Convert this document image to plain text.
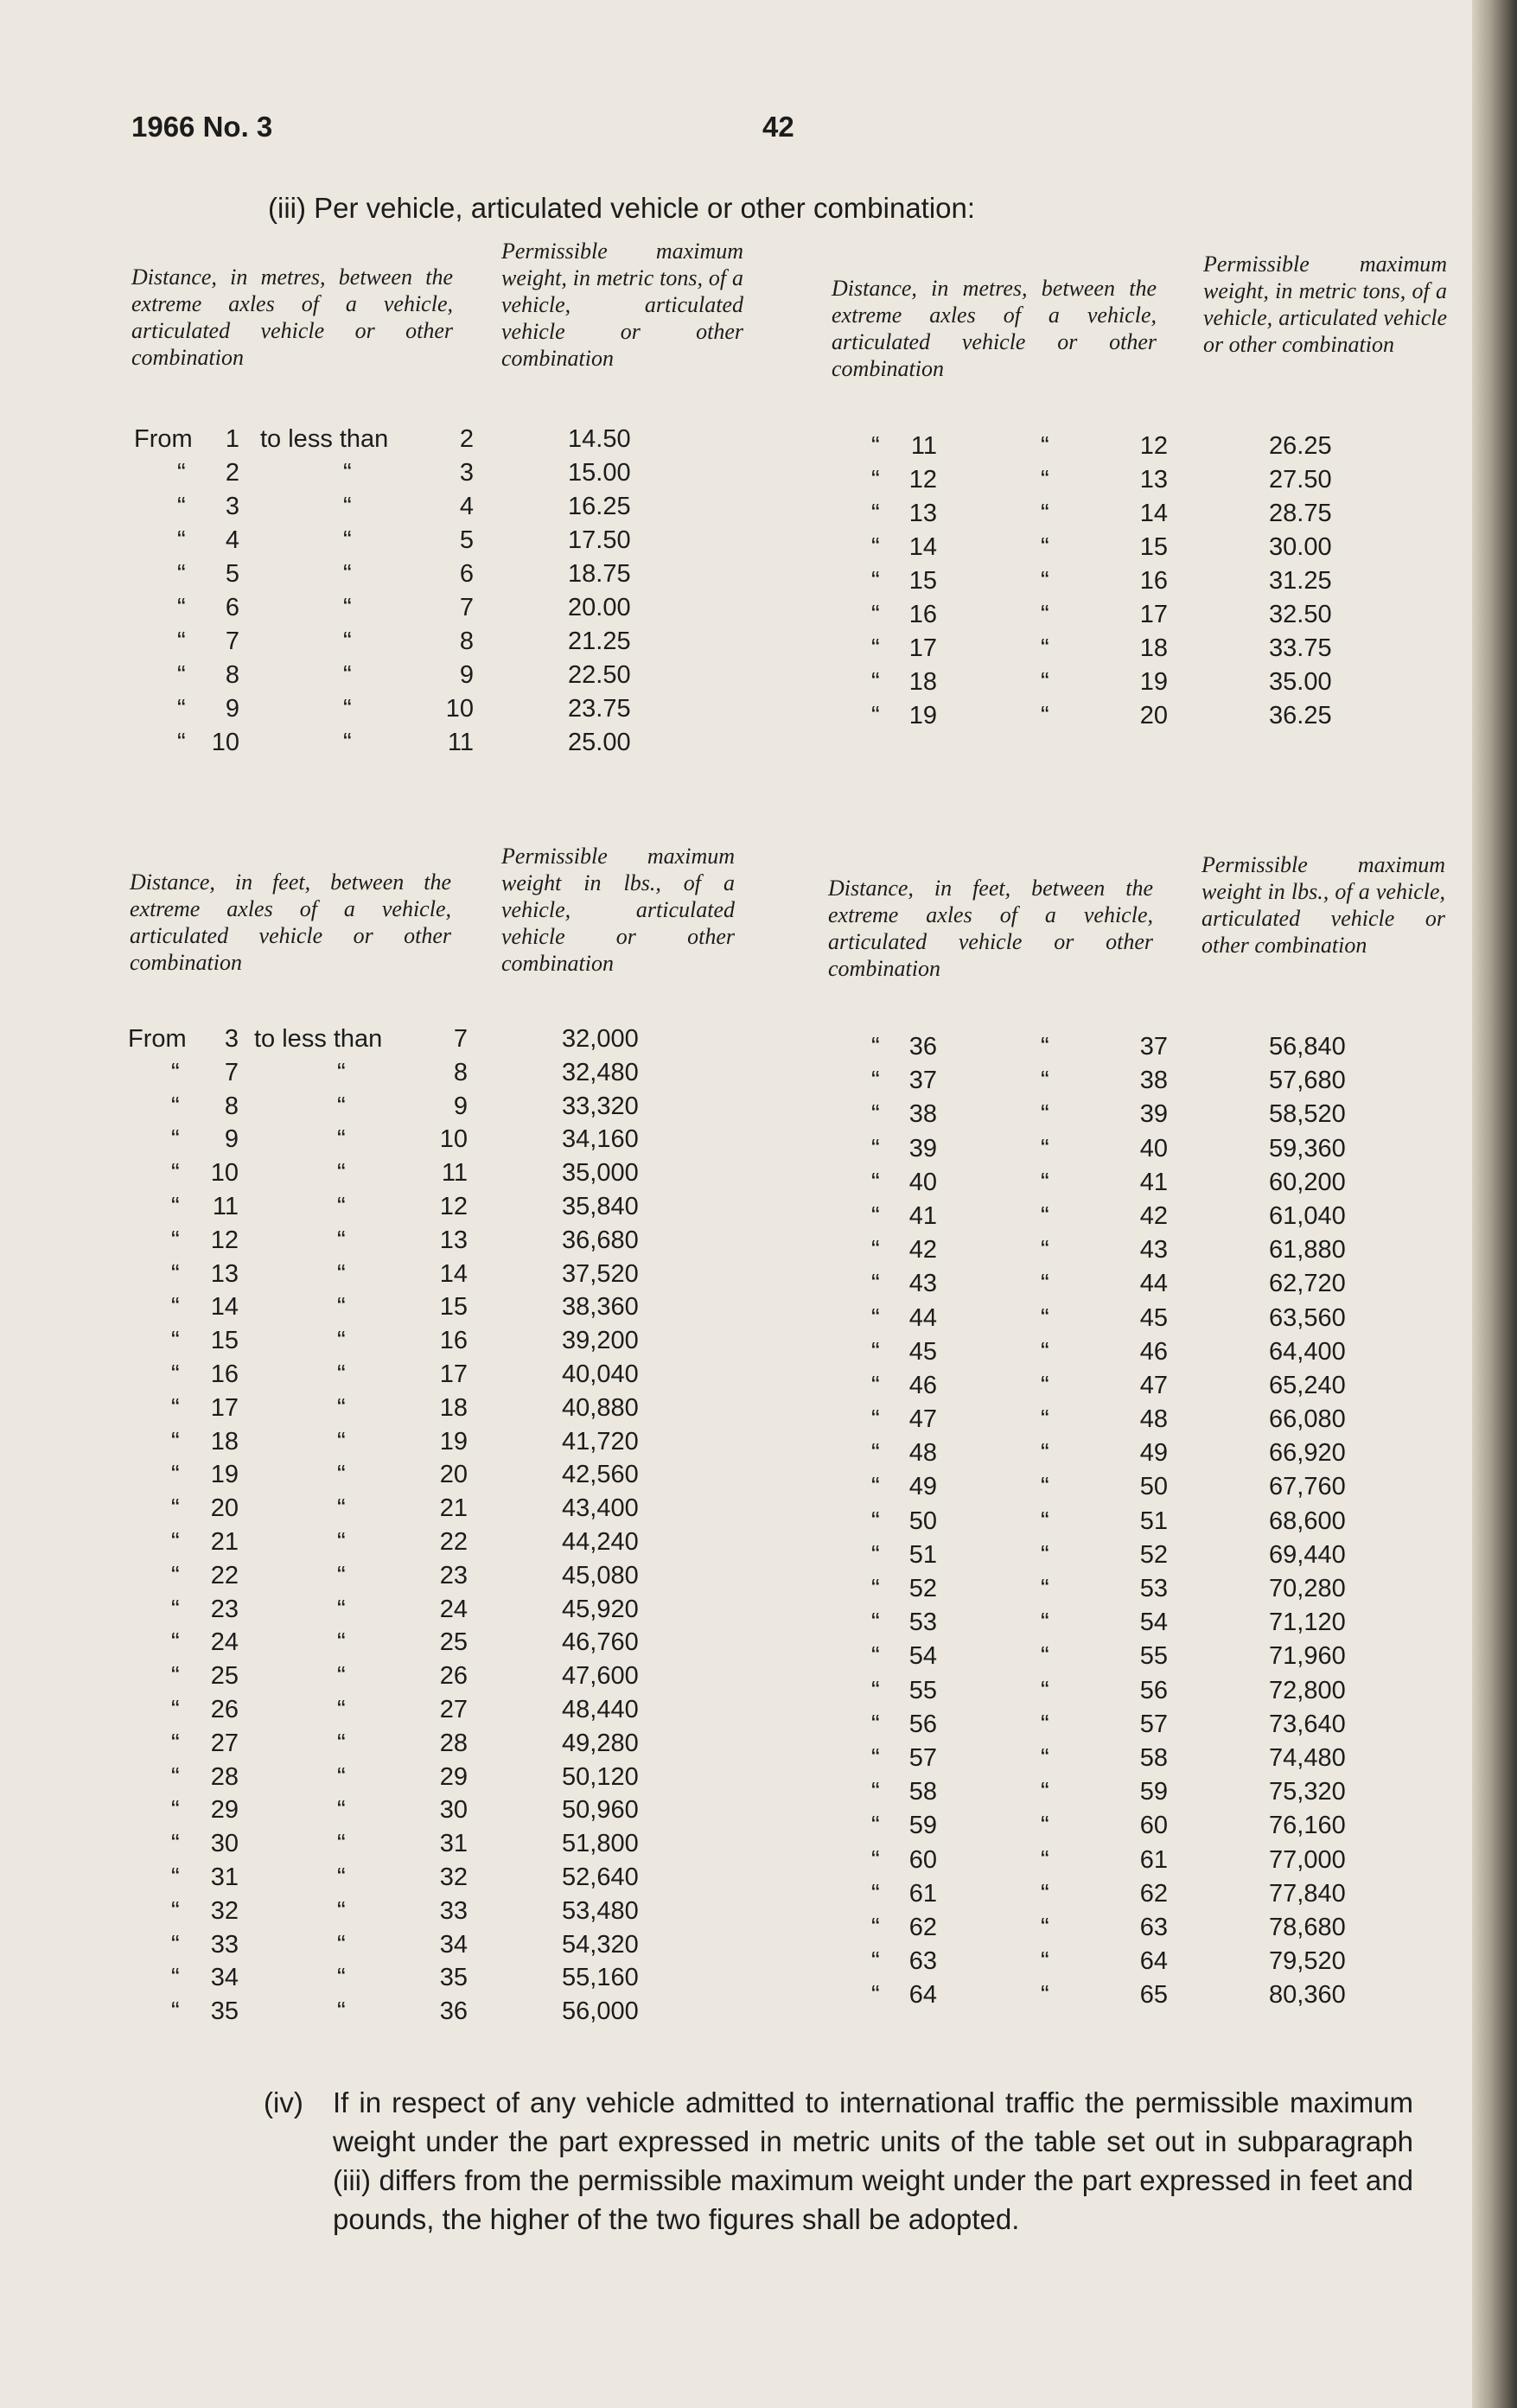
1966 No. 3	42
(iii) Per vehicle, articulated vehicle or other combination:
Distance, in metres, between the extreme axles of a vehicle, articulated vehicle or other combination
Permissible maximum weight, in metric tons, of a vehicle, articulated vehicle or other combination
Distance, in metres, between the extreme axles of a vehicle, articulated vehicle or other combination
Permissible maximum weight, in metric tons, of a vehicle, articulated vehicle or other combination
From 1 to less than	2	14.50
“ 2	“	3	15.00
“ 3	“	4	16.25
“ 4	“	5	17.50
“ 5	“	6	18.75
“ 6	“	7	20.00
“ 7	“	8	21.25
“ 8	“	9	22.50
“ 9	“	10	23.75
“ 10	“	11	25.00
“ 11	“	12	26.25
“ 12	“	13	27.50
“ 13	“	14	28.75
“ 14	“	15	30.00
“ 15	“	16	31.25
“ 16	“	17	32.50
“ 17	“	18	33.75
“ 18	“	19	35.00
“ 19	“	20	36.25
Distance, in feet, between the extreme axles of a vehicle, articulated vehicle or other combination
Permissible maximum weight in lbs., of a vehicle, articulated vehicle or other combination
Distance, in feet, between the extreme axles of a vehicle, articulated vehicle or other combination
Permissible maximum weight in lbs., of a vehicle, articulated vehicle or other combination
From 3 to less than	7	32,000
“ 7	“	8	32,480
“ 8	“	9	33,320
“ 9	“	10	34,160
“ 10	“	11	35,000
“ 11	“	12	35,840
“ 12	“	13	36,680
“ 13	“	14	37,520
“ 14	“	15	38,360
“ 15	“	16	39,200
“ 16	“	17	40,040
“ 17	“	18	40,880
“ 18	“	19	41,720
“ 19	“	20	42,560
“ 20	“	21	43,400
“ 21	“	22	44,240
“ 22	“	23	45,080
“ 23	“	24	45,920
“ 24	“	25	46,760
“ 25	“	26	47,600
“ 26	“	27	48,440
“ 27	“	28	49,280
“ 28	“	29	50,120
“ 29	“	30	50,960
“ 30	“	31	51,800
“ 31	“	32	52,640
“ 32	“	33	53,480
“ 33	“	34	54,320
“ 34	“	35	55,160
“ 35	“	36	56,000
“ 36	“	37	56,840
“ 37	“	38	57,680
“ 38	“	39	58,520
“ 39	“	40	59,360
“ 40	“	41	60,200
“ 41	“	42	61,040
“ 42	“	43	61,880
“ 43	“	44	62,720
“ 44	“	45	63,560
“ 45	“	46	64,400
“ 46	“	47	65,240
“ 47	“	48	66,080
“ 48	“	49	66,920
“ 49	“	50	67,760
“ 50	“	51	68,600
“ 51	“	52	69,440
“ 52	“	53	70,280
“ 53	“	54	71,120
“ 54	“	55	71,960
“ 55	“	56	72,800
“ 56	“	57	73,640
“ 57	“	58	74,480
“ 58	“	59	75,320
“ 59	“	60	76,160
“ 60	“	61	77,000
“ 61	“	62	77,840
“ 62	“	63	78,680
“ 63	“	64	79,520
“ 64	“	65	80,360
(iv) If in respect of any vehicle admitted to international traffic the permissible maximum weight under the part expressed in metric units of the table set out in subparagraph (iii) differs from the permissible maximum weight under the part expressed in feet and pounds, the higher of the two figures shall be adopted.
